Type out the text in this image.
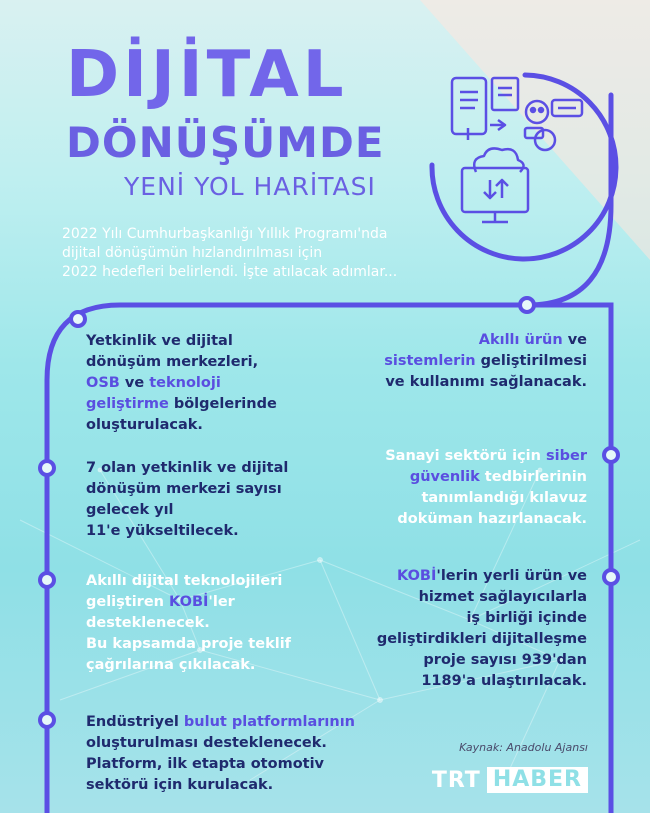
DİJİTAL
DÖNÜŞÜMDE
YENİ YOL HARİTASI
2022 Yılı Cumhurbaşkanlığı Yıllık Programı'nda
dijital dönüşümün hızlandırılması için
2022 hedefleri belirlendi. İşte atılacak adımlar...
Yetkinlik ve dijital
dönüşüm merkezleri,
OSB ve teknoloji
geliştirme bölgelerinde
oluşturulacak.
7 olan yetkinlik ve dijital
dönüşüm merkezi sayısı
gelecek yıl
11'e yükseltilecek.
Akıllı dijital teknolojileri
geliştiren KOBİ'ler
desteklenecek.
Bu kapsamda proje teklif
çağrılarına çıkılacak.
Endüstriyel bulut platformlarının
oluşturulması desteklenecek.
Platform, ilk etapta otomotiv
sektörü için kurulacak.
Akıllı ürün ve
sistemlerin geliştirilmesi
ve kullanımı sağlanacak.
Sanayi sektörü için siber
güvenlik tedbirlerinin
tanımlandığı kılavuz
doküman hazırlanacak.
KOBİ'lerin yerli ürün ve
hizmet sağlayıcılarla
iş birliği içinde
geliştirdikleri dijitalleşme
proje sayısı 939'dan
1189'a ulaştırılacak.
Kaynak: Anadolu Ajansı
TRT HABER
